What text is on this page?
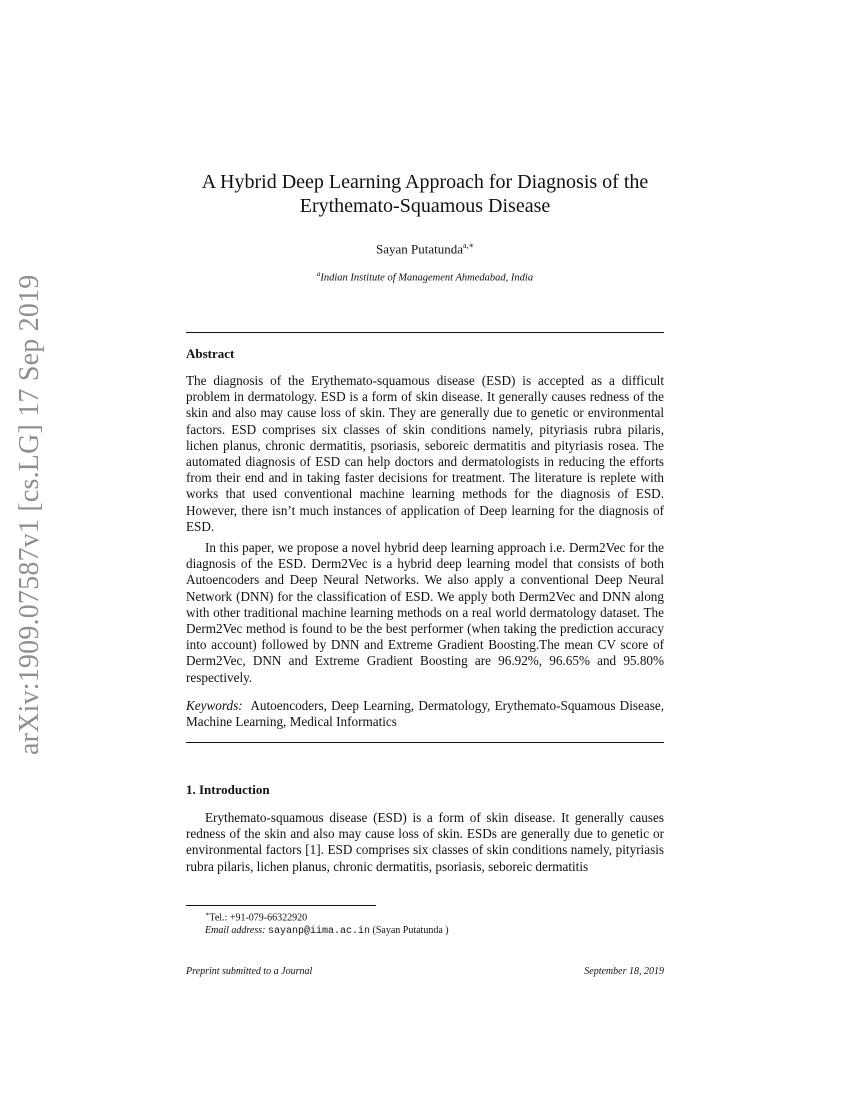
arXiv:1909.07587v1 [cs.LG] 17 Sep 2019
A Hybrid Deep Learning Approach for Diagnosis of the
Erythemato-Squamous Disease
Sayan Putatunda$^{a,∗}$
$^a$Indian Institute of Management Ahmedabad, India
Abstract
The diagnosis of the Erythemato-squamous disease (ESD) is accepted as a difficult problem in dermatology. ESD is a form of skin disease. It generally causes redness of the skin and also may cause loss of skin. They are generally due to genetic or environmental factors. ESD comprises six classes of skin conditions namely, pityriasis rubra pilaris, lichen planus, chronic dermatitis, psoriasis, seboreic dermatitis and pityriasis rosea. The automated diagnosis of ESD can help doctors and dermatologists in reducing the efforts from their end and in taking faster decisions for treatment. The literature is replete with works that used conventional machine learning methods for the diagnosis of ESD. However, there isn’t much instances of application of Deep learning for the diagnosis of ESD.
In this paper, we propose a novel hybrid deep learning approach i.e. Derm2Vec for the diagnosis of the ESD. Derm2Vec is a hybrid deep learning model that consists of both Autoencoders and Deep Neural Networks. We also apply a conventional Deep Neural Network (DNN) for the classification of ESD. We apply both Derm2Vec and DNN along with other traditional machine learning methods on a real world dermatology dataset. The Derm2Vec method is found to be the best performer (when taking the prediction accuracy into account) followed by DNN and Extreme Gradient Boosting.The mean CV score of Derm2Vec, DNN and Extreme Gradient Boosting are 96.92%, 96.65% and 95.80% respectively.
Keywords: Autoencoders, Deep Learning, Dermatology, Erythemato-Squamous Disease, Machine Learning, Medical Informatics
1. Introduction
Erythemato-squamous disease (ESD) is a form of skin disease. It generally causes redness of the skin and also may cause loss of skin. ESDs are generally due to genetic or environmental factors [1]. ESD comprises six classes of skin conditions namely, pityriasis rubra pilaris, lichen planus, chronic dermatitis, psoriasis, seboreic dermatitis
∗Tel.: +91-079-66322920
Email address: sayanp@iima.ac.in (Sayan Putatunda )
Preprint submitted to a Journal	September 18, 2019
